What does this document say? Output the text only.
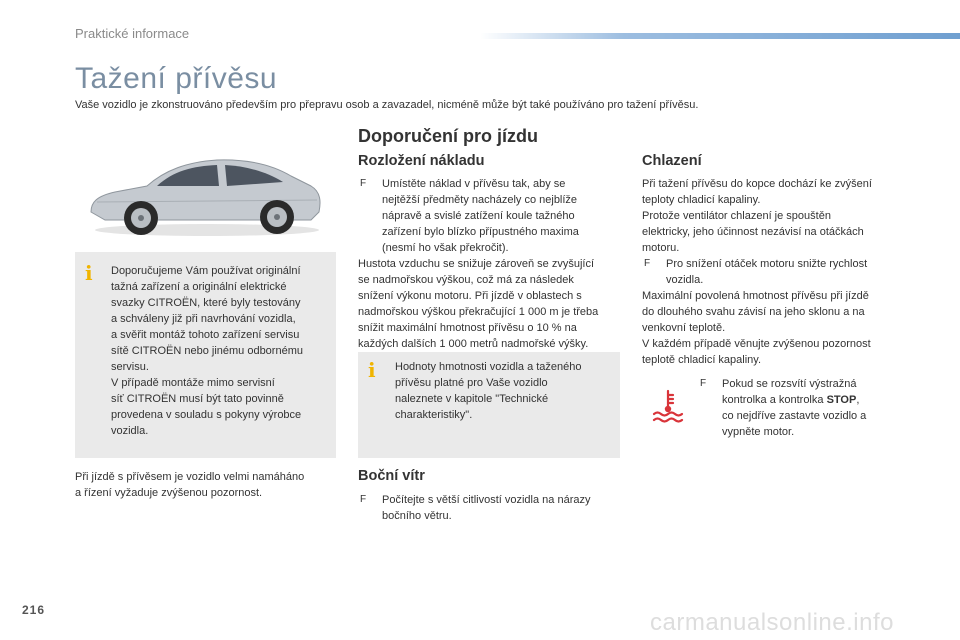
Praktické informace
Tažení přívěsu
Vaše vozidlo je zkonstruováno především pro přepravu osob a zavazadel, nicméně může být také používáno pro tažení přívěsu.
i Doporučujeme Vám používat originální

tažná zařízení a originální elektrické

svazky CITROËN, které byly testovány

a schváleny již při navrhování vozidla,

a svěřit montáž tohoto zařízení servisu

sítě CITROËN nebo jinému odbornému

servisu.

V případě montáže mimo servisní

síť CITROËN musí být tato povinně

provedena v souladu s pokyny výrobce

vozidla.

Při jízdě s přívěsem je vozidlo velmi namáháno

a řízení vyžaduje zvýšenou pozornost.

Doporučení pro jízdu
Rozložení nákladu
F	Umístěte náklad v přívěsu tak, aby se

nejtěžší předměty nacházely co nejblíže

nápravě a svislé zatížení koule tažného

zařízení bylo blízko přípustného maxima

(nesmí ho však překročit).

Hustota vzduchu se snižuje zároveň se zvyšující

se nadmořskou výškou, což má za následek

snížení výkonu motoru. Při jízdě v oblastech s

nadmořskou výškou překračující 1 000 m je třeba

snížit maximální hmotnost přívěsu o 10 % na

každých dalších 1 000 metrů nadmořské výšky.

i Hodnoty hmotnosti vozidla a taženého

přívěsu platné pro Vaše vozidlo

naleznete v kapitole "Technické

charakteristiky".

Boční vítr
F	Počítejte s větší citlivostí vozidla na nárazy

bočního větru.

Chlazení

Při tažení přívěsu do kopce dochází ke zvýšení

teploty chladicí kapaliny.

Protože ventilátor chlazení je spouštěn

elektricky, jeho účinnost nezávisí na otáčkách

motoru.

F	Pro snížení otáček motoru snižte rychlost

vozidla.

Maximální povolená hmotnost přívěsu při jízdě

do dlouhého svahu závisí na jeho sklonu a na

venkovní teplotě.

V každém případě věnujte zvýšenou pozornost

teplotě chladicí kapaliny.

F	Pokud se rozsvítí výstražná

kontrolka a kontrolka STOP,

co nejdříve zastavte vozidlo a

vypněte motor.

216	carmanualsonline.info
